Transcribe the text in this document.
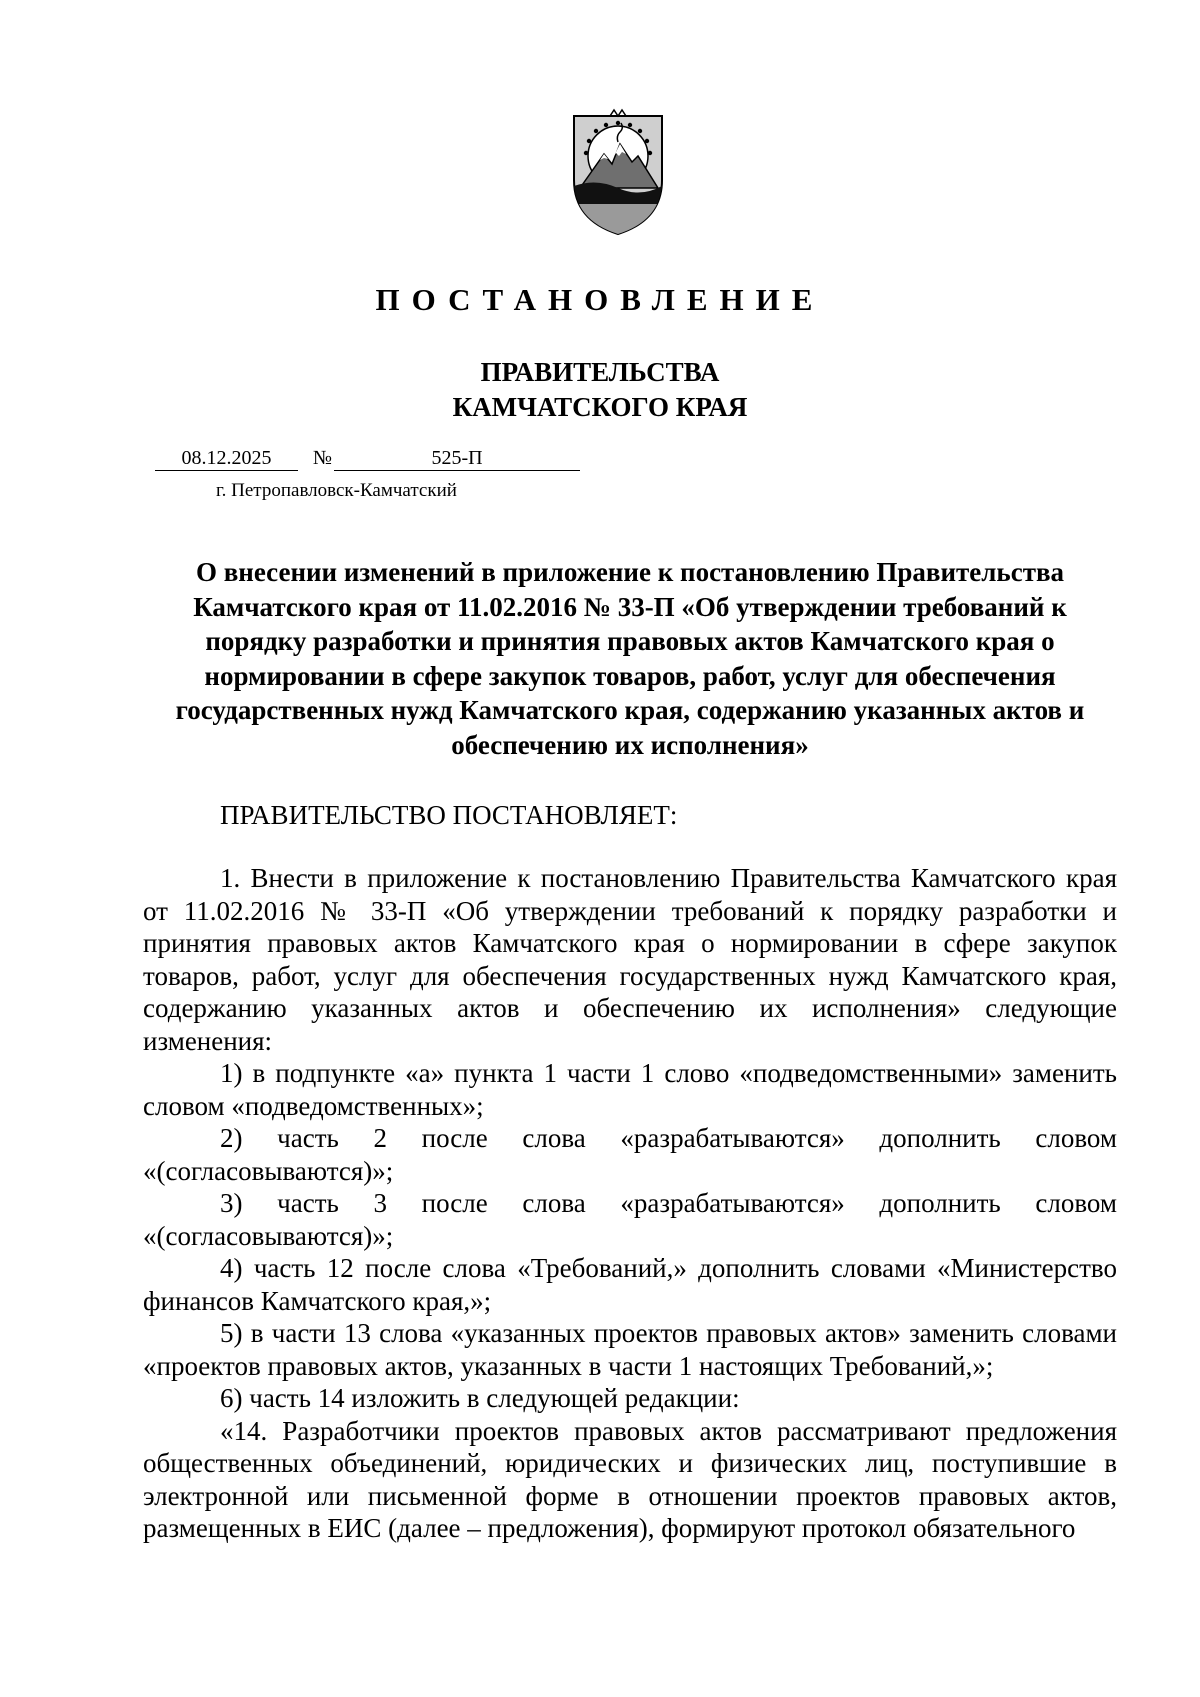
ПОСТАНОВЛЕНИЕ
ПРАВИТЕЛЬСТВА
КАМЧАТСКОГО КРАЯ
08.12.2025	№	525-П
г. Петропавловск-Камчатский
О внесении изменений в приложение к постановлению Правительства Камчатского края от 11.02.2016 № 33-П «Об утверждении требований к порядку разработки и принятия правовых актов Камчатского края о нормировании в сфере закупок товаров, работ, услуг для обеспечения государственных нужд Камчатского края, содержанию указанных актов и обеспечению их исполнения»
ПРАВИТЕЛЬСТВО ПОСТАНОВЛЯЕТ:

1. Внести в приложение к постановлению Правительства Камчатского края от 11.02.2016 № 33-П «Об утверждении требований к порядку разработки и принятия правовых актов Камчатского края о нормировании в сфере закупок товаров, работ, услуг для обеспечения государственных нужд Камчатского края, содержанию указанных актов и обеспечению их исполнения» следующие изменения:

1) в подпункте «а» пункта 1 части 1 слово «подведомственными» заменить словом «подведомственных»;

2) часть 2 после слова «разрабатываются» дополнить словом «(согласовываются)»;

3) часть 3 после слова «разрабатываются» дополнить словом «(согласовываются)»;

4) часть 12 после слова «Требований,» дополнить словами «Министерство финансов Камчатского края,»;

5) в части 13 слова «указанных проектов правовых актов» заменить словами «проектов правовых актов, указанных в части 1 настоящих Требований,»;

6) часть 14 изложить в следующей редакции:

«14. Разработчики проектов правовых актов рассматривают предложения общественных объединений, юридических и физических лиц, поступившие в электронной или письменной форме в отношении проектов правовых актов, размещенных в ЕИС (далее – предложения), формируют протокол обязательного
